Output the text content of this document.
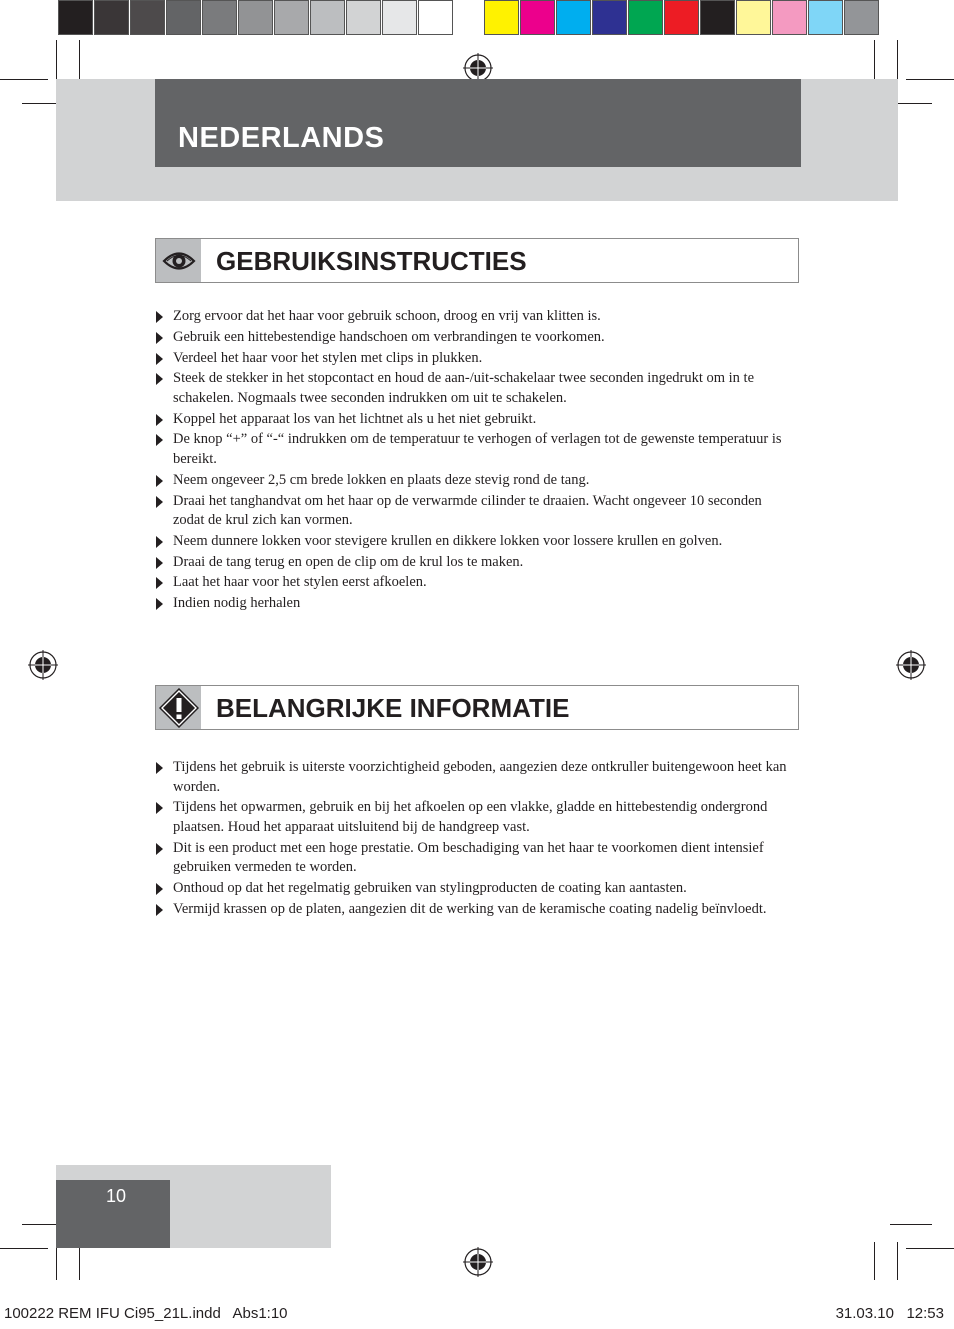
NEDERLANDS
GEBRUIKSINSTRUCTIES
Zorg ervoor dat het haar voor gebruik schoon, droog en vrij van klitten is.
Gebruik een hittebestendige handschoen om verbrandingen te voorkomen.
Verdeel het haar voor het stylen met clips in plukken.
Steek de stekker in het stopcontact en houd de aan-/uit-schakelaar twee seconden ingedrukt om in te schakelen. Nogmaals twee seconden indrukken om uit te schakelen.
Koppel het apparaat los van het lichtnet als u het niet gebruikt.
De knop “+” of “-“ indrukken om de temperatuur te verhogen of verlagen tot de gewenste temperatuur is bereikt.
Neem ongeveer 2,5 cm brede lokken en plaats deze stevig rond de tang.
Draai het tanghandvat om het haar op de verwarmde cilinder te draaien. Wacht ongeveer 10 seconden zodat de krul zich kan vormen.
Neem dunnere lokken voor stevigere krullen en dikkere lokken voor lossere krullen en golven.
Draai de tang terug en open de clip om de krul los te maken.
Laat het haar voor het stylen eerst afkoelen.
Indien nodig herhalen
BELANGRIJKE INFORMATIE
Tijdens het gebruik is uiterste voorzichtigheid geboden, aangezien deze ontkruller buitengewoon heet kan worden.
Tijdens het opwarmen, gebruik en bij het afkoelen op een vlakke, gladde en hittebestendig ondergrond plaatsen. Houd het apparaat uitsluitend bij de handgreep vast.
Dit is een product met een hoge prestatie. Om beschadiging van het haar te voorkomen dient intensief gebruiken vermeden te worden.
Onthoud op dat het regelmatig gebruiken van stylingproducten de coating kan aantasten.
Vermijd krassen op de platen, aangezien dit de werking van de keramische coating nadelig beïnvloedt.
10
100222 REM IFU Ci95_21L.indd   Abs1:10	31.03.10   12:53
